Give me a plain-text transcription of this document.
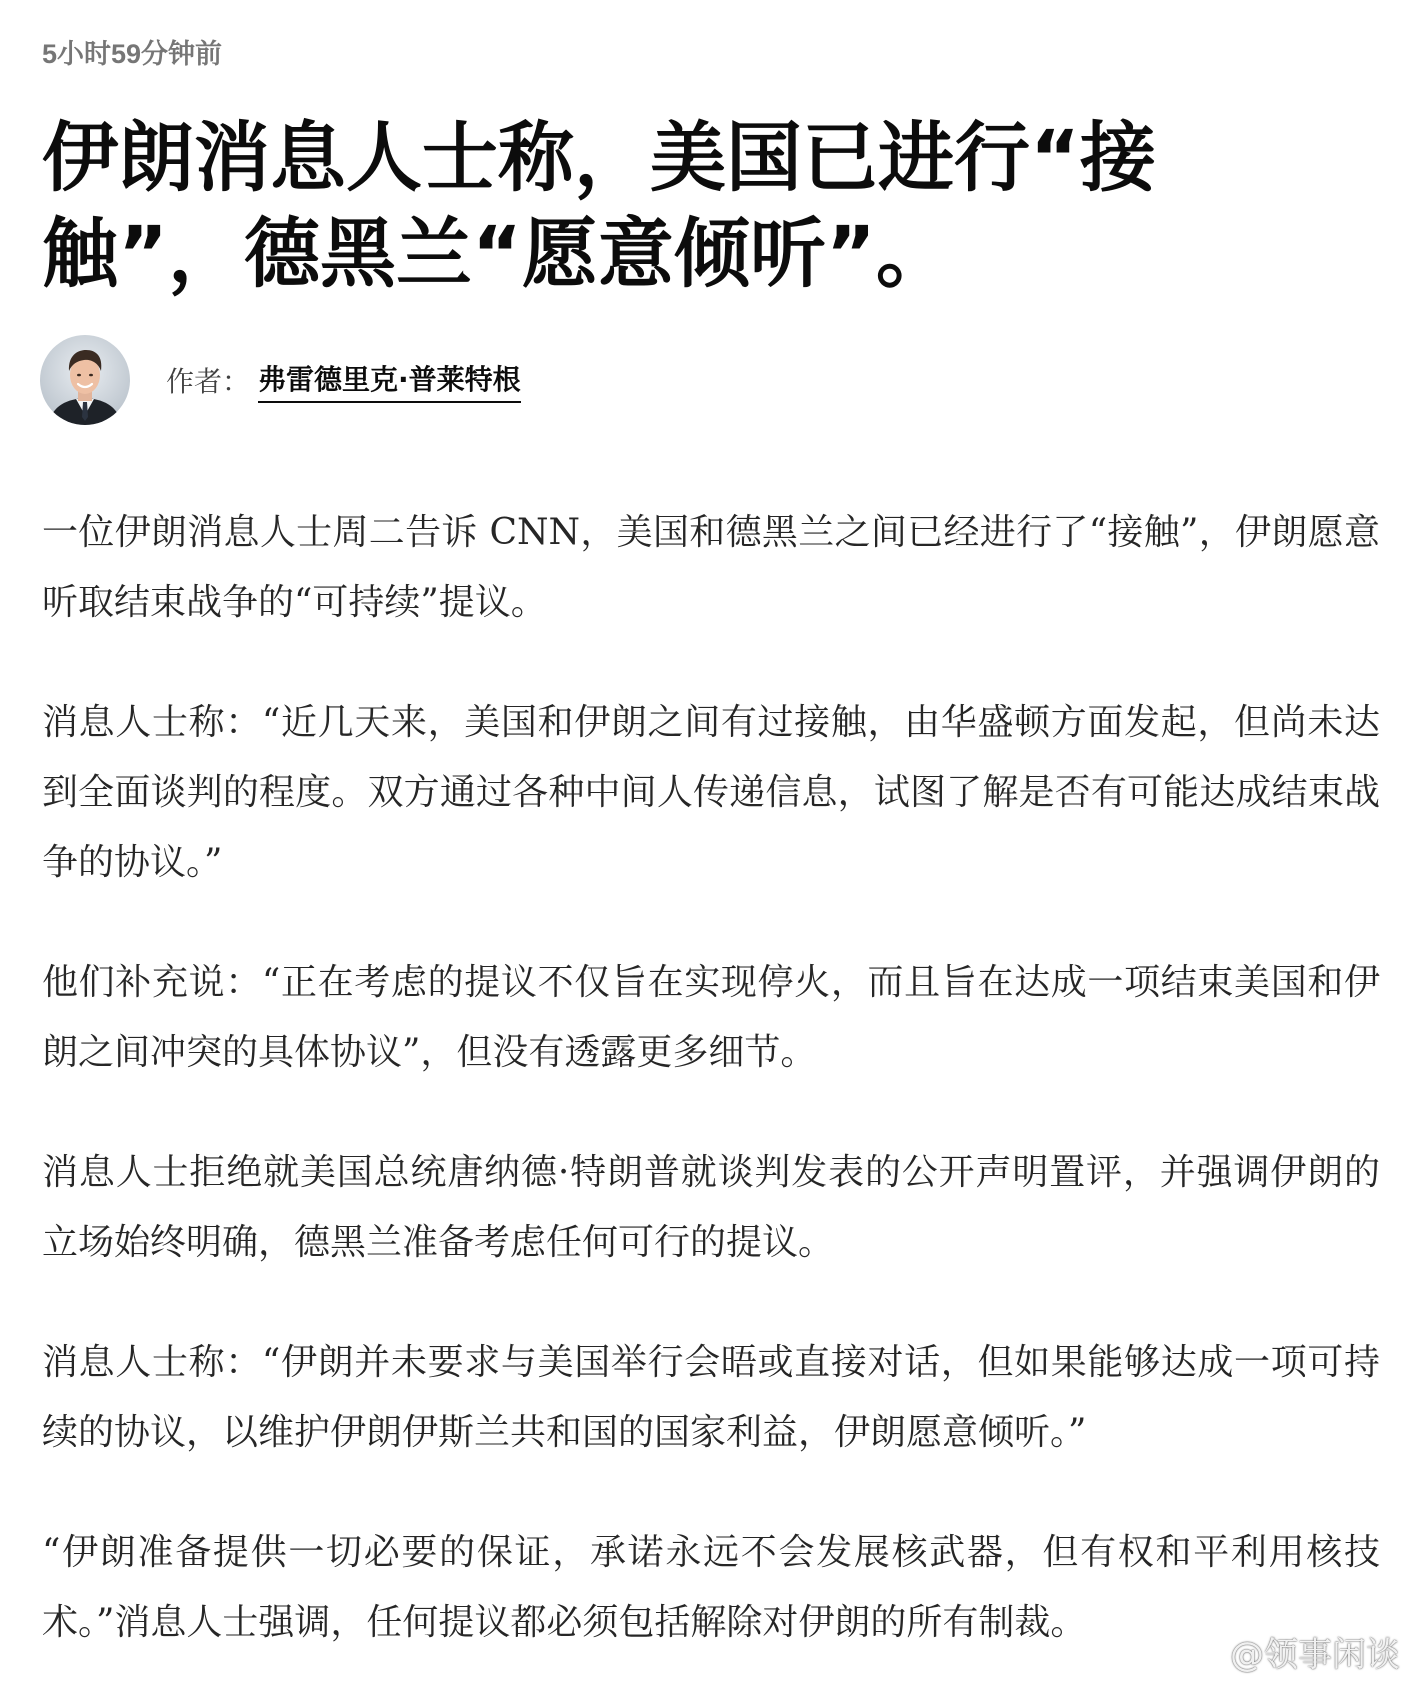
5小时59分钟前
伊朗消息人士称，美国已进行“接触”，德黑兰“愿意倾听”。
作者： 弗雷德里克·普莱特根

一位伊朗消息人士周二告诉 CNN，美国和德黑兰之间已经进行了“接触”，伊朗愿意听取结束战争的“可持续”提议。

消息人士称：“近几天来，美国和伊朗之间有过接触，由华盛顿方面发起，但尚未达到全面谈判的程度。双方通过各种中间人传递信息，试图了解是否有可能达成结束战争的协议。”

他们补充说：“正在考虑的提议不仅旨在实现停火，而且旨在达成一项结束美国和伊朗之间冲突的具体协议”，但没有透露更多细节。

消息人士拒绝就美国总统唐纳德·特朗普就谈判发表的公开声明置评，并强调伊朗的立场始终明确，德黑兰准备考虑任何可行的提议。

消息人士称：“伊朗并未要求与美国举行会晤或直接对话，但如果能够达成一项可持续的协议，以维护伊朗伊斯兰共和国的国家利益，伊朗愿意倾听。”

“伊朗准备提供一切必要的保证，承诺永远不会发展核武器，但有权和平利用核技术。”消息人士强调，任何提议都必须包括解除对伊朗的所有制裁。

@领事闲谈
